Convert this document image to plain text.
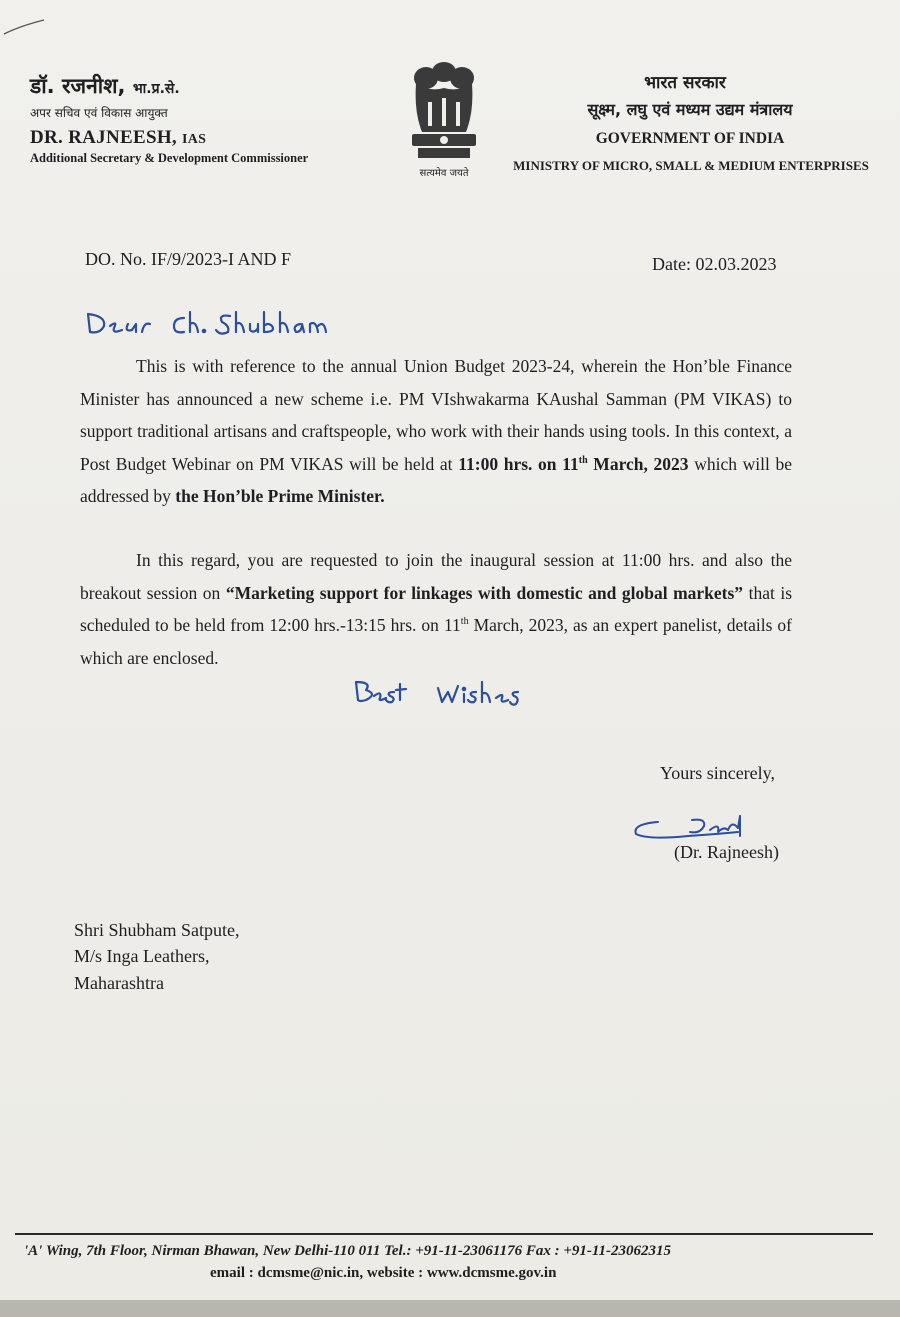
डॉ. रजनीश, भा.प्र.से.
अपर सचिव एवं विकास आयुक्त
DR. RAJNEESH, IAS
Additional Secretary & Development Commissioner
सत्यमेव जयते
भारत सरकार
सूक्ष्म, लघु एवं मध्यम उद्यम मंत्रालय
GOVERNMENT OF INDIA
MINISTRY OF MICRO, SMALL & MEDIUM ENTERPRISES
DO. No. IF/9/2023-I AND F	Date: 02.03.2023
This is with reference to the annual Union Budget 2023-24, wherein the Hon’ble Finance Minister has announced a new scheme i.e. PM VIshwakarma KAushal Samman (PM VIKAS) to support traditional artisans and craftspeople, who work with their hands using tools. In this context, a Post Budget Webinar on PM VIKAS will be held at 11:00 hrs. on 11th March, 2023 which will be addressed by the Hon’ble Prime Minister.
In this regard, you are requested to join the inaugural session at 11:00 hrs. and also the breakout session on “Marketing support for linkages with domestic and global markets” that is scheduled to be held from 12:00 hrs.-13:15 hrs. on 11th March, 2023, as an expert panelist, details of which are enclosed.
Yours sincerely,
(Dr. Rajneesh)
Shri Shubham Satpute,
M/s Inga Leathers,
Maharashtra
'A' Wing, 7th Floor, Nirman Bhawan, New Delhi-110 011 Tel.: +91-11-23061176 Fax : +91-11-23062315
email : dcmsme@nic.in, website : www.dcmsme.gov.in
